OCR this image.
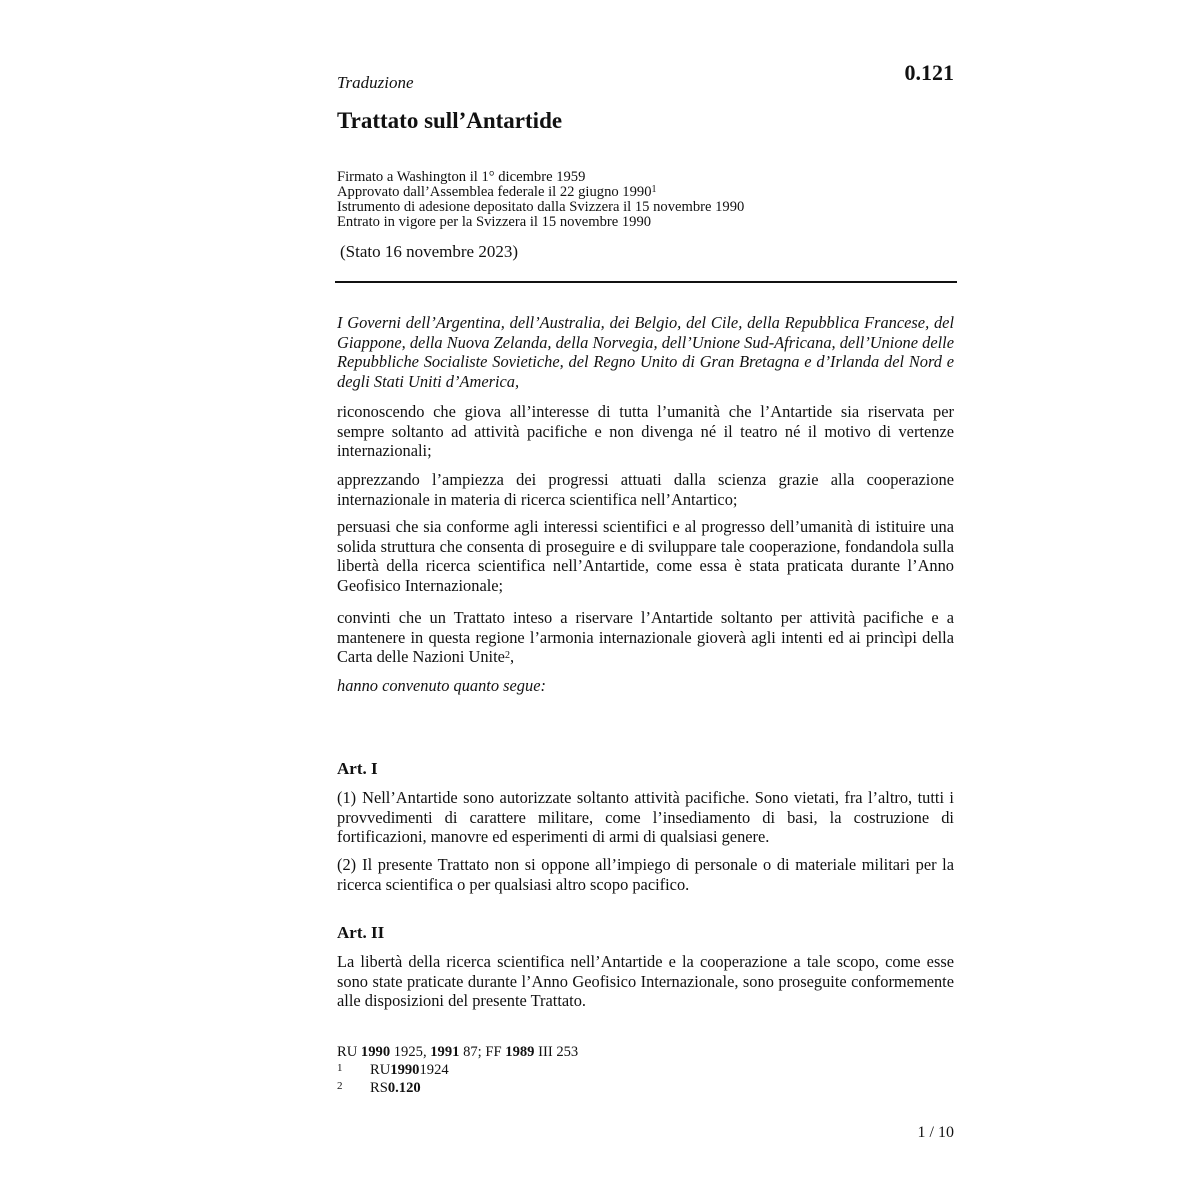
Traduzione	0.121
Trattato sull’Antartide
Firmato a Washington il 1° dicembre 1959
Approvato dall’Assemblea federale il 22 giugno 1990$^1$
Istrumento di adesione depositato dalla Svizzera il 15 novembre 1990
Entrato in vigore per la Svizzera il 15 novembre 1990
(Stato 16 novembre 2023)
I Governi dell’Argentina, dell’Australia, dei Belgio, del Cile, della Repubblica Francese, del Giappone, della Nuova Zelanda, della Norvegia, dell’Unione Sud-Africana, dell’Unione delle Repubbliche Socialiste Sovietiche, del Regno Unito di Gran Bretagna e d’Irlanda del Nord e degli Stati Uniti d’America,
riconoscendo che giova all’interesse di tutta l’umanità che l’Antartide sia riservata per sempre soltanto ad attività pacifiche e non divenga né il teatro né il motivo di vertenze internazionali;
apprezzando l’ampiezza dei progressi attuati dalla scienza grazie alla cooperazione internazionale in materia di ricerca scientifica nell’Antartico;
persuasi che sia conforme agli interessi scientifici e al progresso dell’umanità di istituire una solida struttura che consenta di proseguire e di sviluppare tale cooperazione, fondandola sulla libertà della ricerca scientifica nell’Antartide, come essa è stata praticata durante l’Anno Geofisico Internazionale;
convinti che un Trattato inteso a riservare l’Antartide soltanto per attività pacifiche e a mantenere in questa regione l’armonia internazionale gioverà agli intenti ed ai princìpi della Carta delle Nazioni Unite$^2$,
hanno convenuto quanto segue:
Art. I
(1) Nell’Antartide sono autorizzate soltanto attività pacifiche. Sono vietati, fra l’altro, tutti i provvedimenti di carattere militare, come l’insediamento di basi, la costruzione di fortificazioni, manovre ed esperimenti di armi di qualsiasi genere.
(2) Il presente Trattato non si oppone all’impiego di personale o di materiale militari per la ricerca scientifica o per qualsiasi altro scopo pacifico.
Art. II
La libertà della ricerca scientifica nell’Antartide e la cooperazione a tale scopo, come esse sono state praticate durante l’Anno Geofisico Internazionale, sono proseguite conformemente alle disposizioni del presente Trattato.
RU 1990 1925, 1991 87; FF 1989 III 253
1	RU 1990 1924
2	RS 0.120
1 / 10
